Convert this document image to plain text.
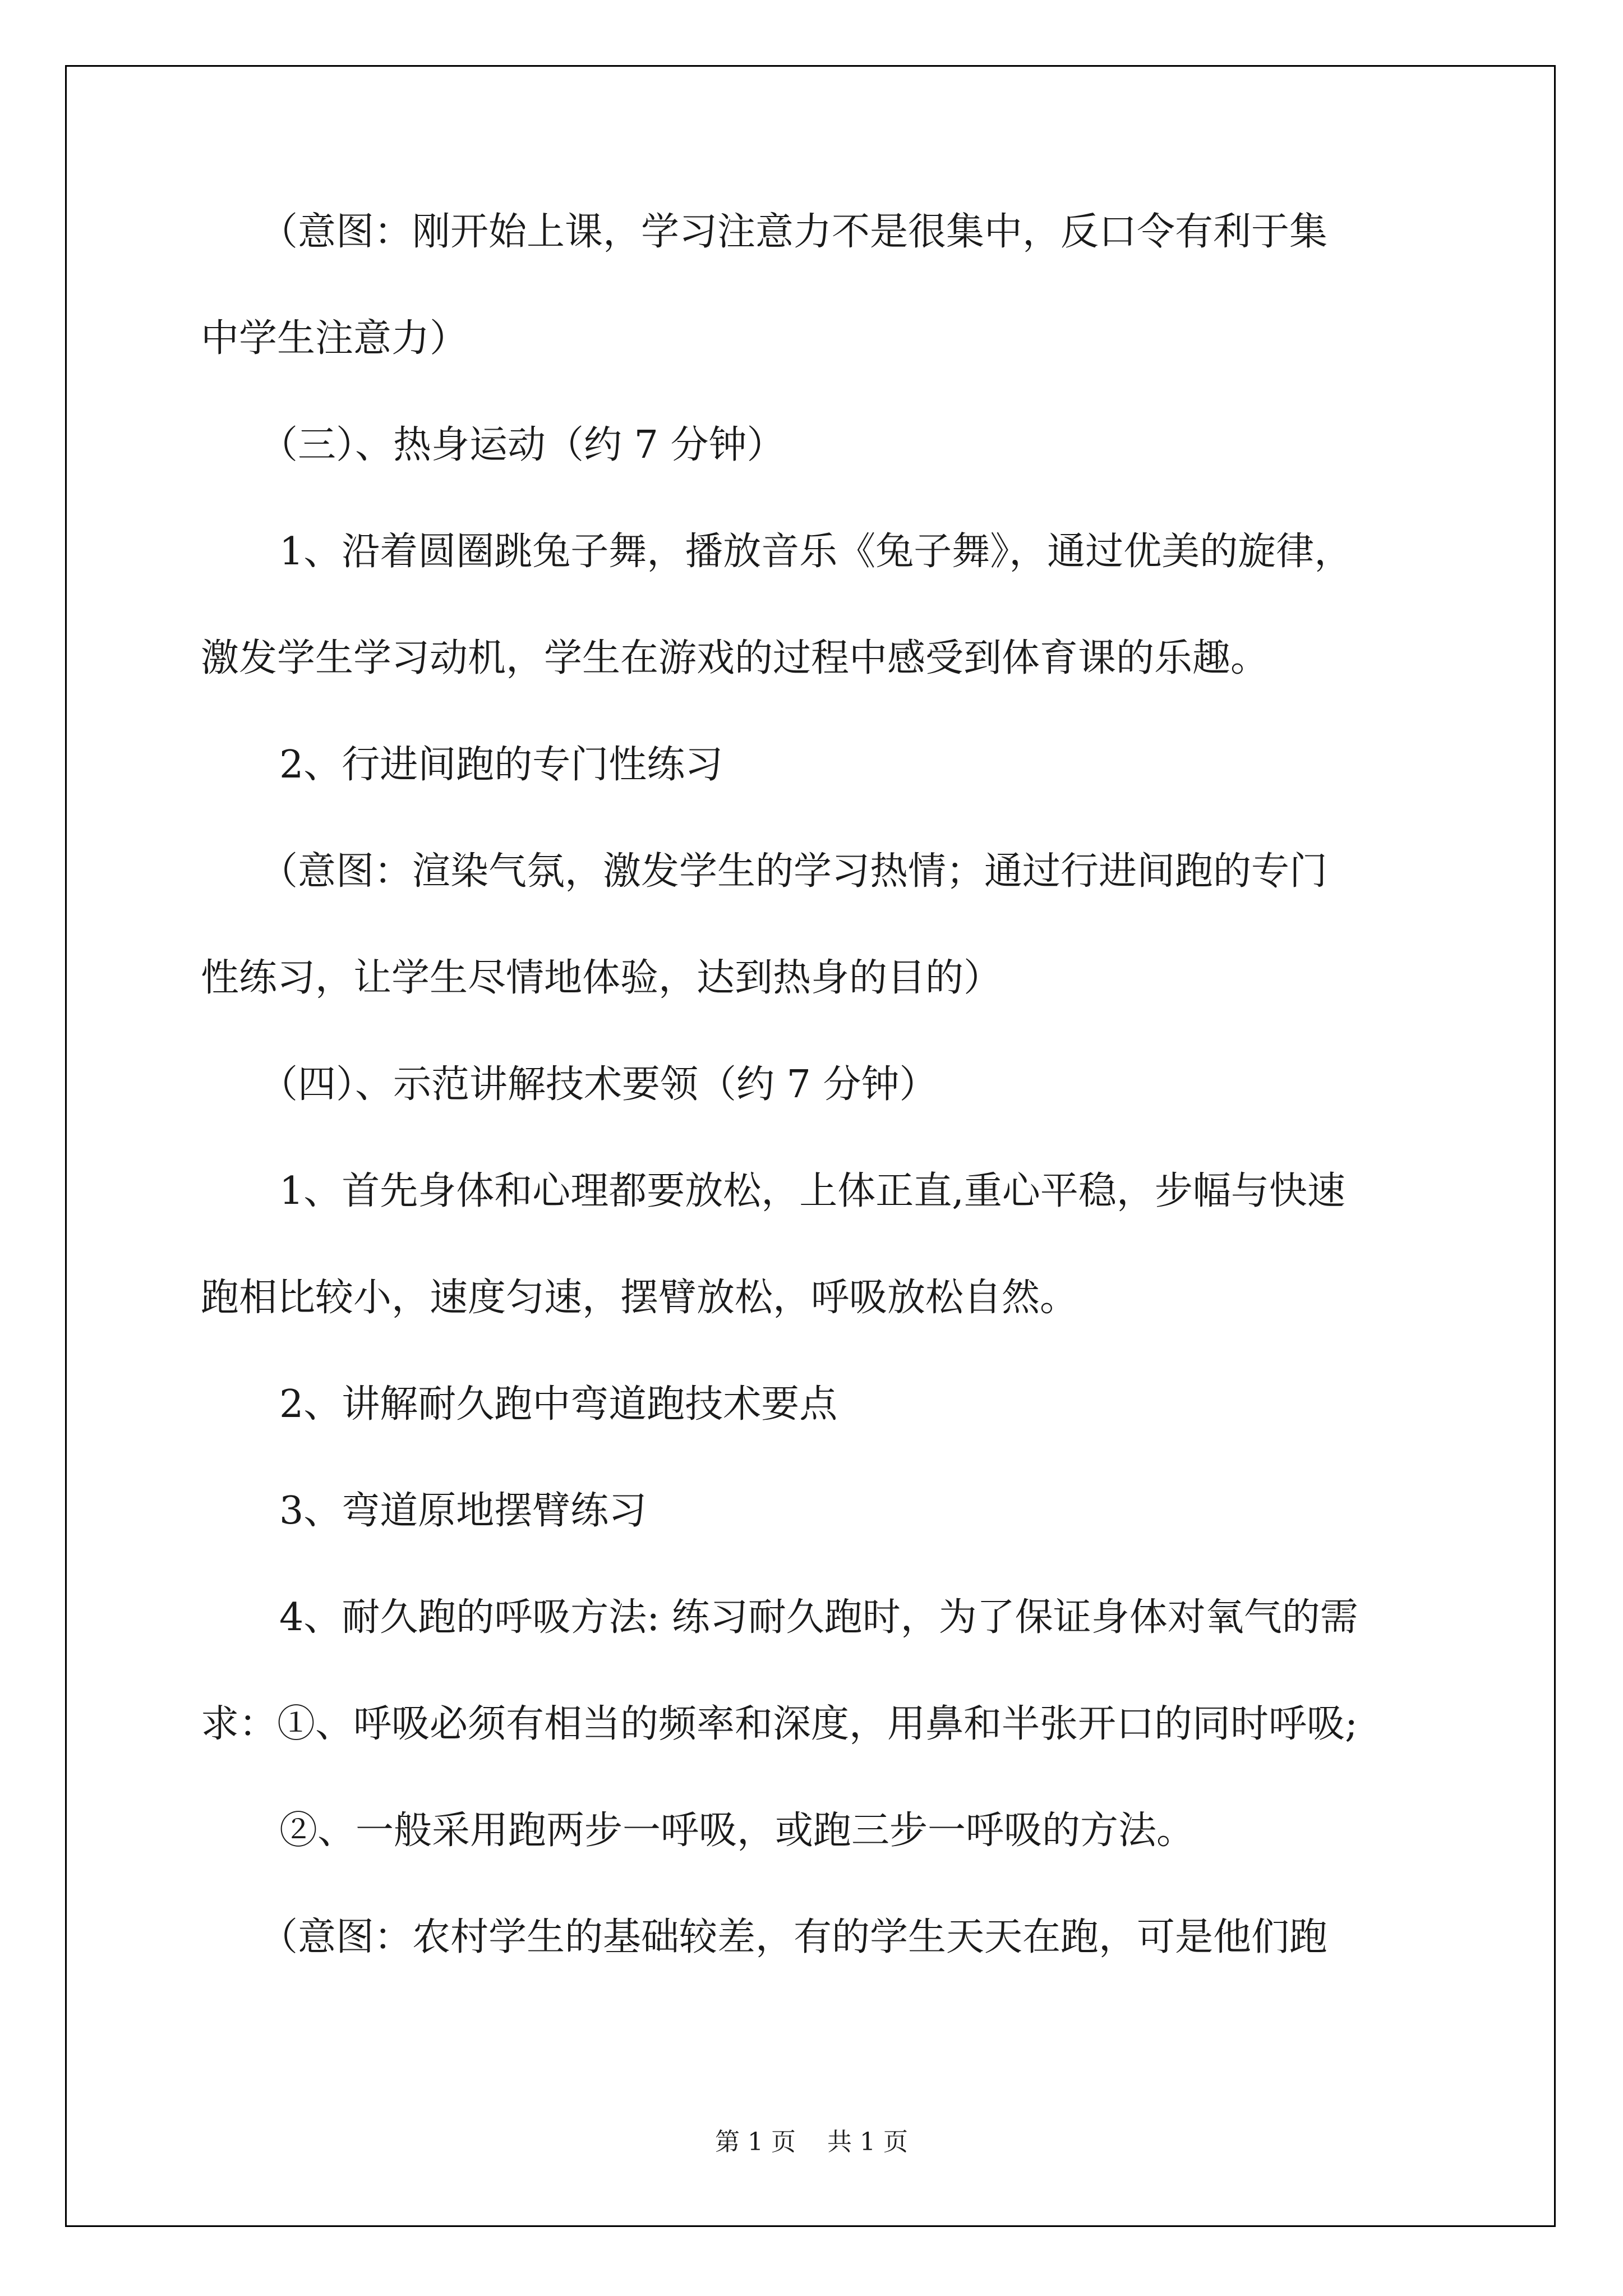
（意图：刚开始上课，学习注意力不是很集中，反口令有利于集
中学生注意力）
（三）、热身运动（约 7 分钟）
1、沿着圆圈跳兔子舞，播放音乐《兔子舞》，通过优美的旋律，
激发学生学习动机，学生在游戏的过程中感受到体育课的乐趣。
2、行进间跑的专门性练习
（意图：渲染气氛，激发学生的学习热情；通过行进间跑的专门
性练习，让学生尽情地体验，达到热身的目的）
（四）、示范讲解技术要领（约 7 分钟）
1、首先身体和心理都要放松，上体正直,重心平稳，步幅与快速
跑相比较小，速度匀速，摆臂放松，呼吸放松自然。
2、讲解耐久跑中弯道跑技术要点
3、弯道原地摆臂练习
4、耐久跑的呼吸方法: 练习耐久跑时，为了保证身体对氧气的需
求：①、呼吸必须有相当的频率和深度，用鼻和半张开口的同时呼吸;
②、一般采用跑两步一呼吸，或跑三步一呼吸的方法。
（意图：农村学生的基础较差，有的学生天天在跑，可是他们跑
第 1 页 共 1 页
